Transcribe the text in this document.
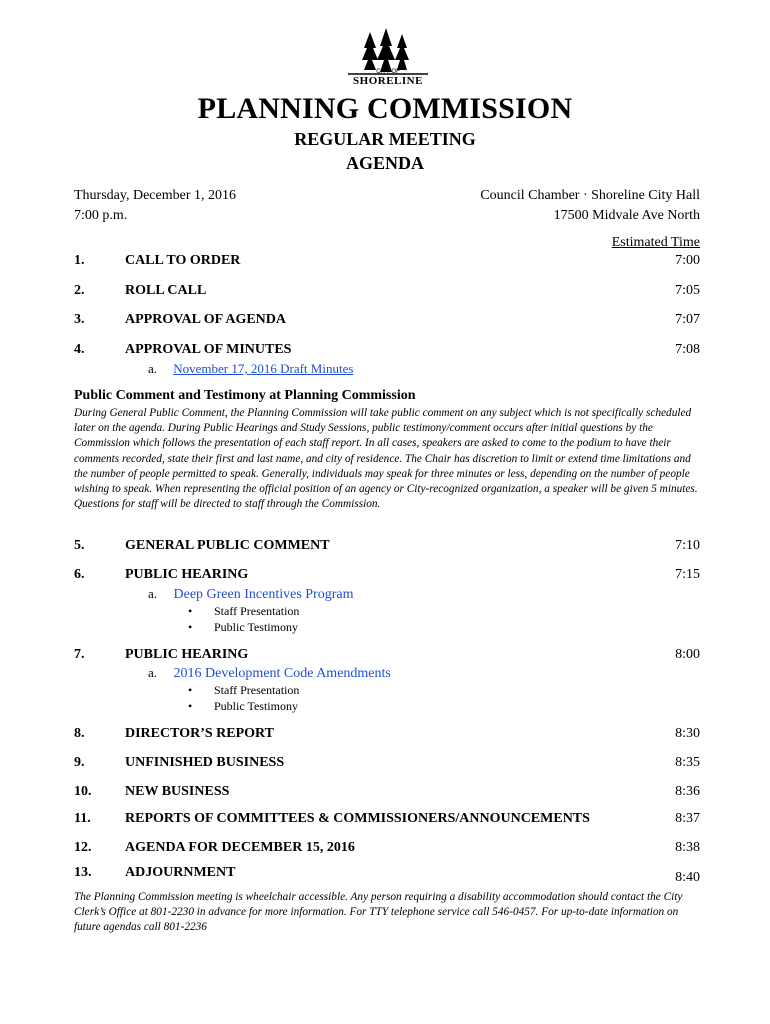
CITY OF
SHORELINE
PLANNING COMMISSION
REGULAR MEETING
AGENDA
Thursday, December 1, 2016
7:00 p.m.
Council Chamber · Shoreline City Hall
17500 Midvale Ave North
Estimated Time
1.	CALL TO ORDER	7:00
2.	ROLL CALL	7:05
3.	APPROVAL OF AGENDA	7:07
4.	APPROVAL OF MINUTES	7:08
a. November 17, 2016 Draft Minutes
Public Comment and Testimony at Planning Commission
During General Public Comment, the Planning Commission will take public comment on any subject which is not specifically scheduled later on the agenda. During Public Hearings and Study Sessions, public testimony/comment occurs after initial questions by the Commission which follows the presentation of each staff report. In all cases, speakers are asked to come to the podium to have their comments recorded, state their first and last name, and city of residence. The Chair has discretion to limit or extend time limitations and the number of people permitted to speak. Generally, individuals may speak for three minutes or less, depending on the number of people wishing to speak. When representing the official position of an agency or City-recognized organization, a speaker will be given 5 minutes. Questions for staff will be directed to staff through the Commission.
5.	GENERAL PUBLIC COMMENT	7:10
6.	PUBLIC HEARING	7:15
a. Deep Green Incentives Program
• Staff Presentation
• Public Testimony
7.	PUBLIC HEARING	8:00
a. 2016 Development Code Amendments
• Staff Presentation
• Public Testimony
8.	DIRECTOR’S REPORT	8:30
9.	UNFINISHED BUSINESS	8:35
10. NEW BUSINESS	8:36
11. REPORTS OF COMMITTEES & COMMISSIONERS/ANNOUNCEMENTS	8:37
12. AGENDA FOR DECEMBER 15, 2016	8:38
13. ADJOURNMENT	8:40
The Planning Commission meeting is wheelchair accessible. Any person requiring a disability accommodation should contact the City Clerk’s Office at 801-2230 in advance for more information. For TTY telephone service call 546-0457. For up-to-date information on future agendas call 801-2236
